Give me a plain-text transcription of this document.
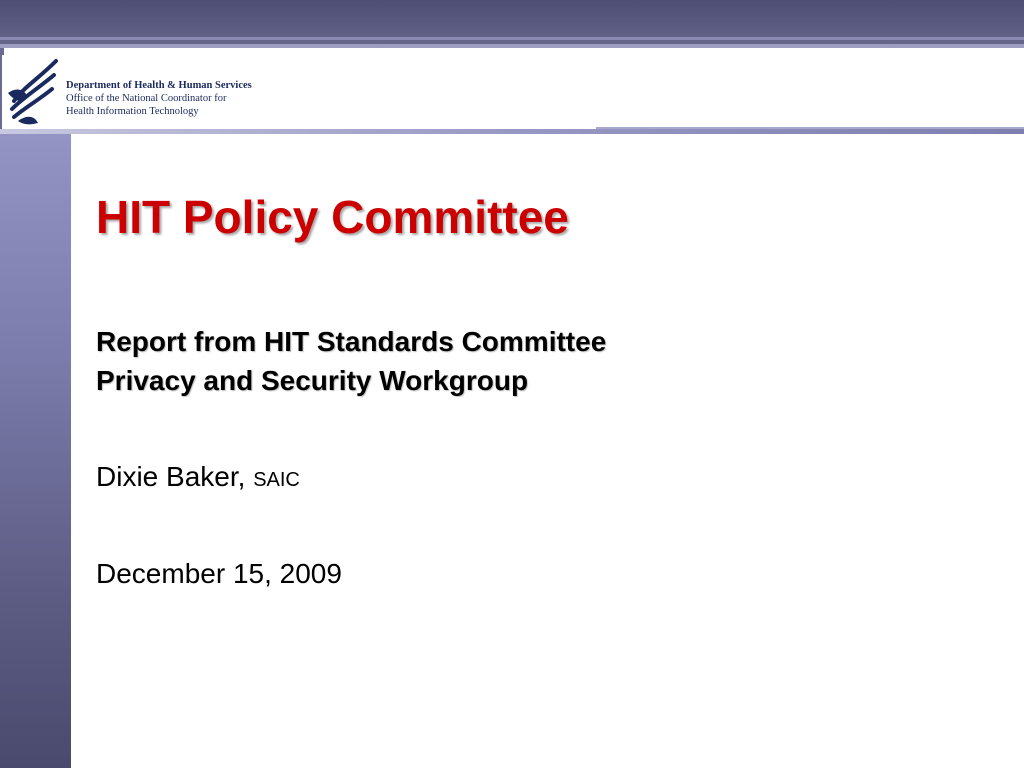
Department of Health & Human Services
Office of the National Coordinator for
Health Information Technology
HIT Policy Committee
Report from HIT Standards Committee
Privacy and Security Workgroup
Dixie Baker, SAIC
December 15, 2009
